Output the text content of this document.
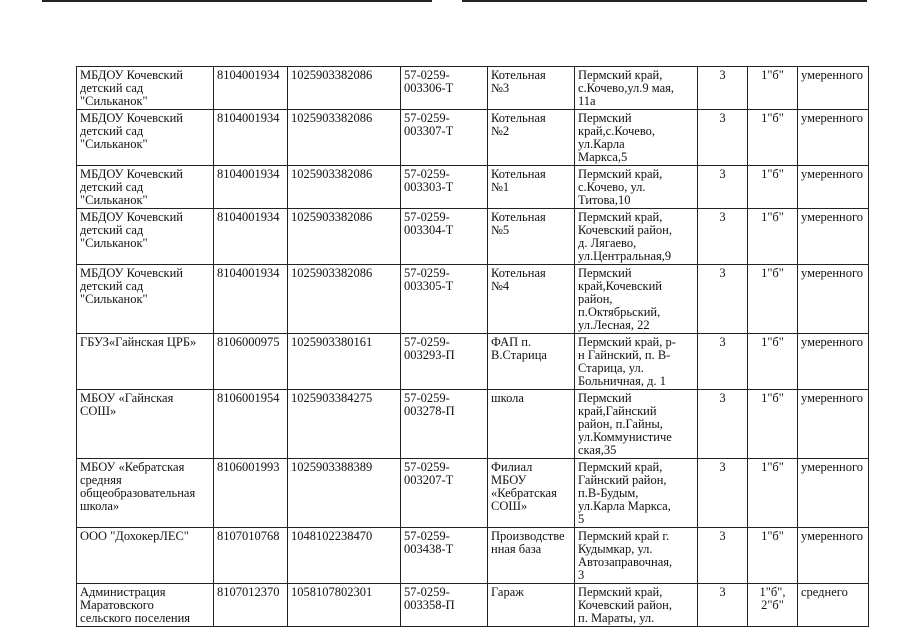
МБДОУ Кочевский
детский сад
"Сильканок"	8104001934	1025903382086	57-0259-
003306-Т	Котельная
№3	Пермский край,
с.Кочево,ул.9 мая,
11а	3	1"б"	умеренного
МБДОУ Кочевский
детский сад
"Сильканок"	8104001934	1025903382086	57-0259-
003307-Т	Котельная
№2	Пермский
край,с.Кочево,
ул.Карла
Маркса,5	3	1"б"	умеренного
МБДОУ Кочевский
детский сад
"Сильканок"	8104001934	1025903382086	57-0259-
003303-Т	Котельная
№1	Пермский край,
с.Кочево, ул.
Титова,10	3	1"б"	умеренного
МБДОУ Кочевский
детский сад
"Сильканок"	8104001934	1025903382086	57-0259-
003304-Т	Котельная
№5	Пермский край,
Кочевский район,
д. Лягаево,
ул.Центральная,9	3	1"б"	умеренного
МБДОУ Кочевский
детский сад
"Сильканок"	8104001934	1025903382086	57-0259-
003305-Т	Котельная
№4	Пермский
край,Кочевский
район,
п.Октябрьский,
ул.Лесная, 22	3	1"б"	умеренного
ГБУЗ«Гайнская ЦРБ»	8106000975	1025903380161	57-0259-
003293-П	ФАП п.
В.Старица	Пермский край, р-
н Гайнский, п. В-
Старица, ул.
Больничная, д. 1	3	1"б"	умеренного
МБОУ «Гайнская
СОШ»	8106001954	1025903384275	57-0259-
003278-П	школа	Пермский
край,Гайнский
район, п.Гайны,
ул.Коммунистиче
ская,35	3	1"б"	умеренного
МБОУ «Кебратская
средняя
общеобразовательная
школа»	8106001993	1025903388389	57-0259-
003207-Т	Филиал
МБОУ
«Кебратская
СОШ»	Пермский край,
Гайнский район,
п.В-Будым,
ул.Карла Маркса,
5	3	1"б"	умеренного
ООО "ДохокерЛЕС"	8107010768	1048102238470	57-0259-
003438-Т	Производстве
нная база	Пермский край г.
Кудымкар, ул.
Автозаправочная,
3	3	1"б"	умеренного
Администрация
Маратовского
сельского поселения	8107012370	1058107802301	57-0259-
003358-П	Гараж	Пермский край,
Кочевский район,
п. Мараты, ул.	3	1"б",
2"б"	среднего
